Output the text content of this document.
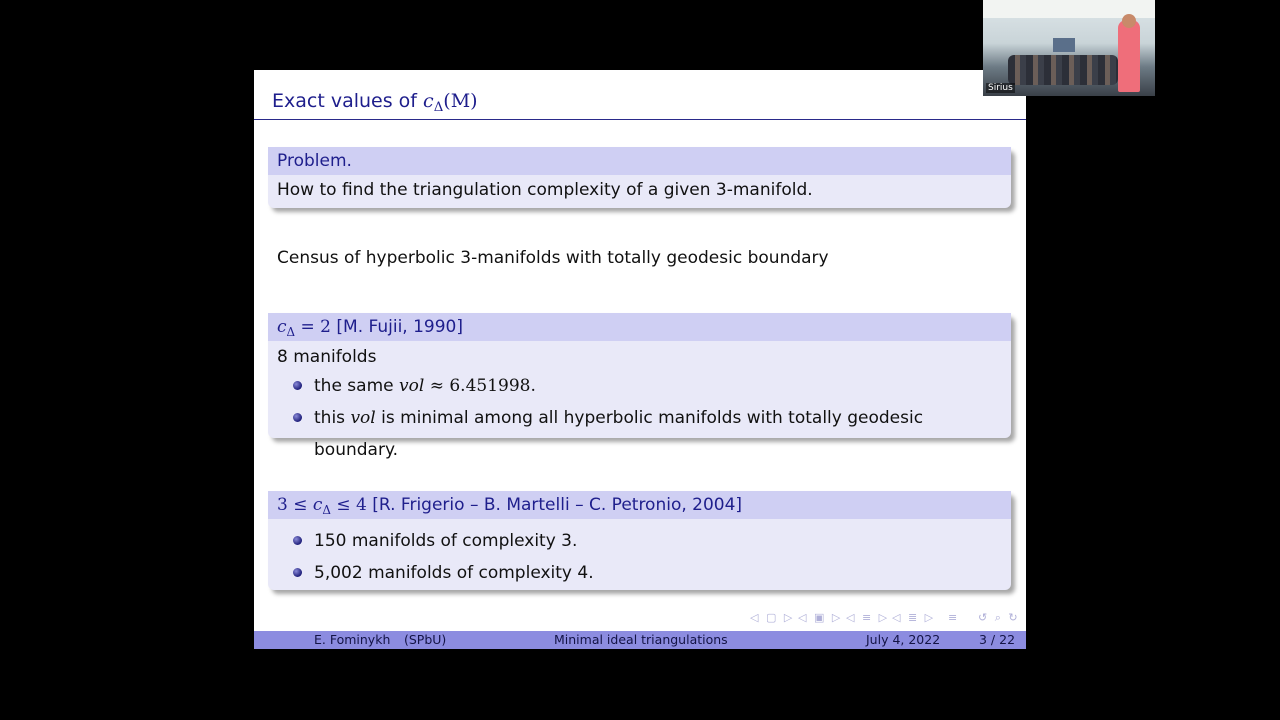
Exact values of $c_\Delta(M)$
Problem.
How to find the triangulation complexity of a given 3-manifold.
Census of hyperbolic 3-manifolds with totally geodesic boundary
$c_\Delta = 2$ [M. Fujii, 1990]
8 manifolds
the same vol ≈ 6.451998.
this vol is minimal among all hyperbolic manifolds with totally geodesic boundary.
$3 \le c_\Delta \le 4$ [R. Frigerio – B. Martelli – C. Petronio, 2004]
150 manifolds of complexity 3.
5,002 manifolds of complexity 4.
◁ ▢ ▷ ◁ ▣ ▷ ◁ ≡ ▷ ◁ ≣ ▷ ≡ ↺ ⌕ ↻
E. Fominykh (SPbU)	Minimal ideal triangulations	July 4, 2022	3 / 22
Sirius
